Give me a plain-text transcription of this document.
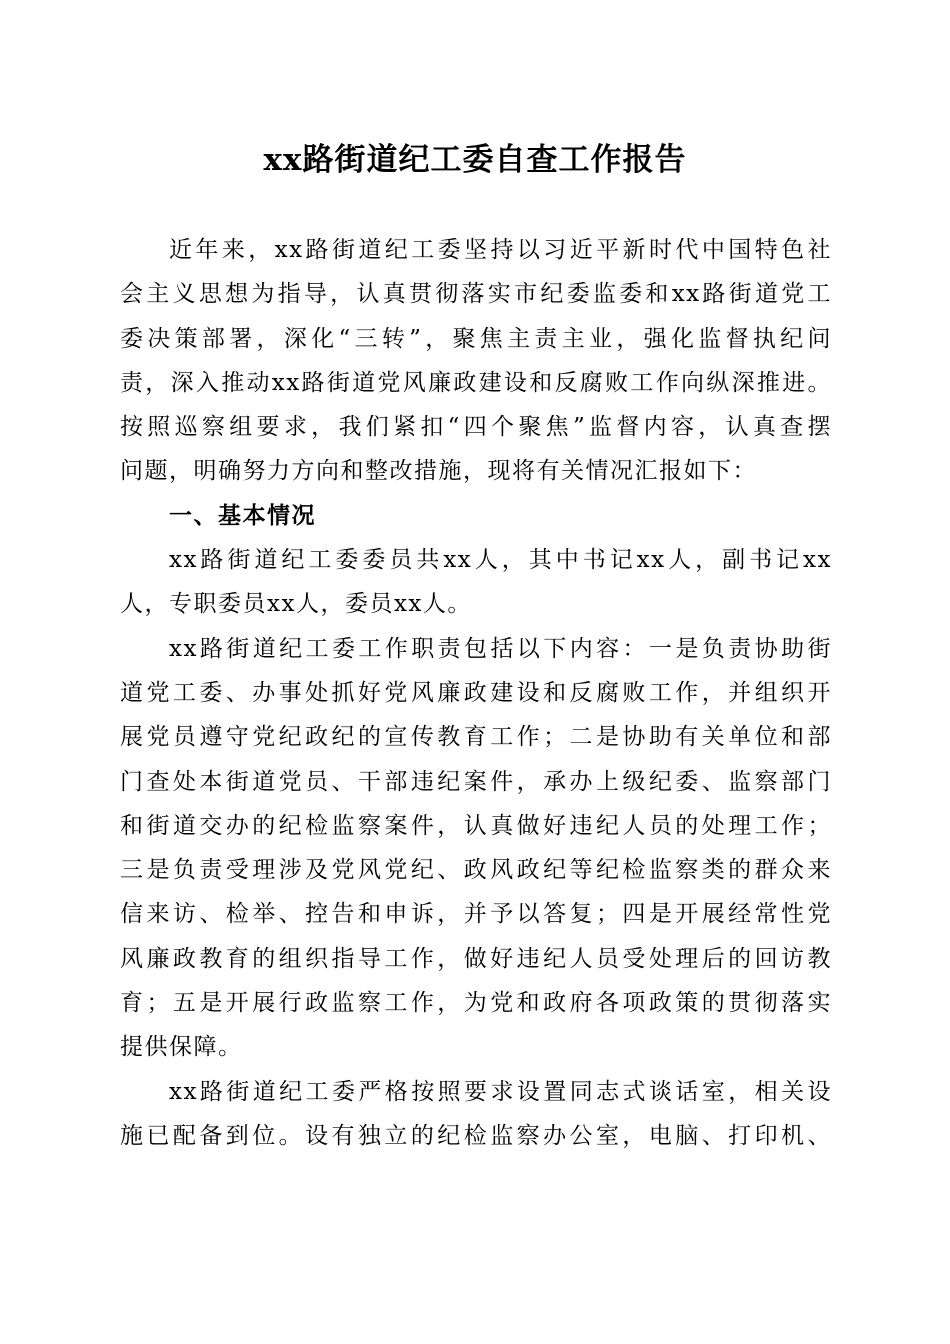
xx路街道纪工委自查工作报告
近年来，xx路街道纪工委坚持以习近平新时代中国特色社
会主义思想为指导，认真贯彻落实市纪委监委和xx路街道党工
委决策部署，深化“三转”，聚焦主责主业，强化监督执纪问
责，深入推动xx路街道党风廉政建设和反腐败工作向纵深推进。
按照巡察组要求，我们紧扣“四个聚焦”监督内容，认真查摆
问题，明确努力方向和整改措施，现将有关情况汇报如下：
一、基本情况
xx路街道纪工委委员共xx人，其中书记xx人，副书记xx
人，专职委员xx人，委员xx人。
xx路街道纪工委工作职责包括以下内容：一是负责协助街
道党工委、办事处抓好党风廉政建设和反腐败工作，并组织开
展党员遵守党纪政纪的宣传教育工作；二是协助有关单位和部
门查处本街道党员、干部违纪案件，承办上级纪委、监察部门
和街道交办的纪检监察案件，认真做好违纪人员的处理工作；
三是负责受理涉及党风党纪、政风政纪等纪检监察类的群众来
信来访、检举、控告和申诉，并予以答复；四是开展经常性党
风廉政教育的组织指导工作，做好违纪人员受处理后的回访教
育；五是开展行政监察工作，为党和政府各项政策的贯彻落实
提供保障。
xx路街道纪工委严格按照要求设置同志式谈话室，相关设
施已配备到位。设有独立的纪检监察办公室，电脑、打印机、
